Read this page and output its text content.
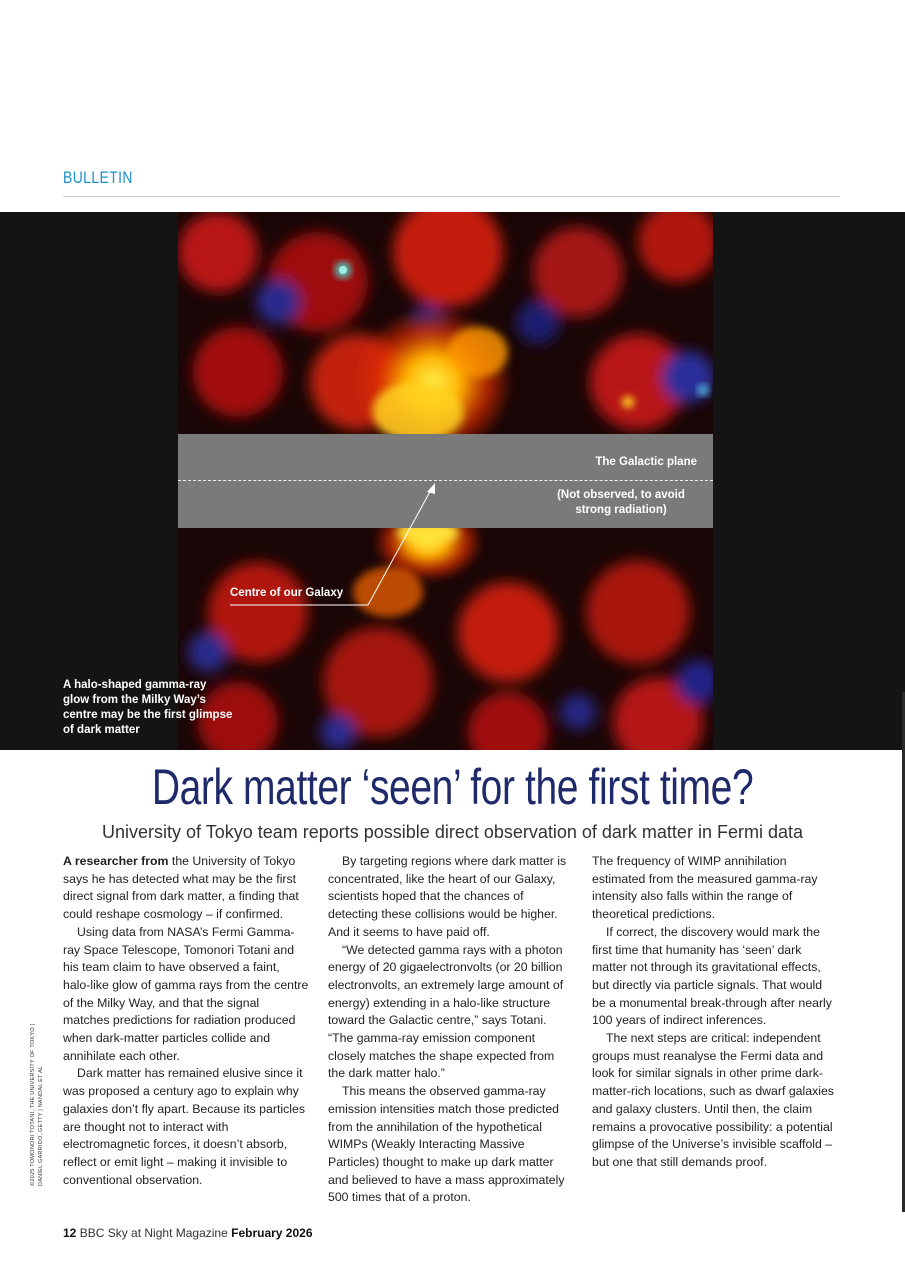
BULLETIN
The Galactic plane
(Not observed, to avoid strong radiation)
Centre of our Galaxy
A halo-shaped gamma-ray glow from the Milky Way’s centre may be the first glimpse of dark matter
Dark matter ‘seen’ for the first time?
University of Tokyo team reports possible direct observation of dark matter in Fermi data

A researcher from the University of Tokyo says he has detected what may be the first direct signal from dark matter, a finding that could reshape cosmology – if confirmed.

Using data from NASA’s Fermi Gamma-ray Space Telescope, Tomonori Totani and his team claim to have observed a faint, halo-like glow of gamma rays from the centre of the Milky Way, and that the signal matches predictions for radiation produced when dark-matter particles collide and annihilate each other.

Dark matter has remained elusive since it was proposed a century ago to explain why galaxies don’t fly apart. Because its particles are thought not to interact with electromagnetic forces, it doesn’t absorb, reflect or emit light – making it invisible to conventional observation.

By targeting regions where dark matter is concentrated, like the heart of our Galaxy, scientists hoped that the chances of detecting these collisions would be higher. And it seems to have paid off.

“We detected gamma rays with a photon energy of 20 gigaelectronvolts (or 20 billion electronvolts, an extremely large amount of energy) extending in a halo-like structure toward the Galactic centre,” says Totani. “The gamma-ray emission component closely matches the shape expected from the dark matter halo.”

This means the observed gamma-ray emission intensities match those predicted from the annihilation of the hypothetical WIMPs (Weakly Interacting Massive Particles) thought to make up dark matter and believed to have a mass approximately 500 times that of a proton.

The frequency of WIMP annihilation estimated from the measured gamma-ray intensity also falls within the range of theoretical predictions.

If correct, the discovery would mark the first time that humanity has ‘seen’ dark matter not through its gravitational effects, but directly via particle signals. That would be a monumental break-through after nearly 100 years of indirect inferences.

The next steps are critical: independent groups must reanalyse the Fermi data and look for similar signals in other prime dark-matter-rich locations, such as dwarf galaxies and galaxy clusters. Until then, the claim remains a provocative possibility: a potential glimpse of the Universe’s invisible scaffold – but one that still demands proof.

©2025 TOMONORI TOTANI, THE UNIVERSITY OF TOKYO | DANIEL GARRIDO, GETTY | NANDAL ET AL
12 BBC Sky at Night Magazine February 2026
